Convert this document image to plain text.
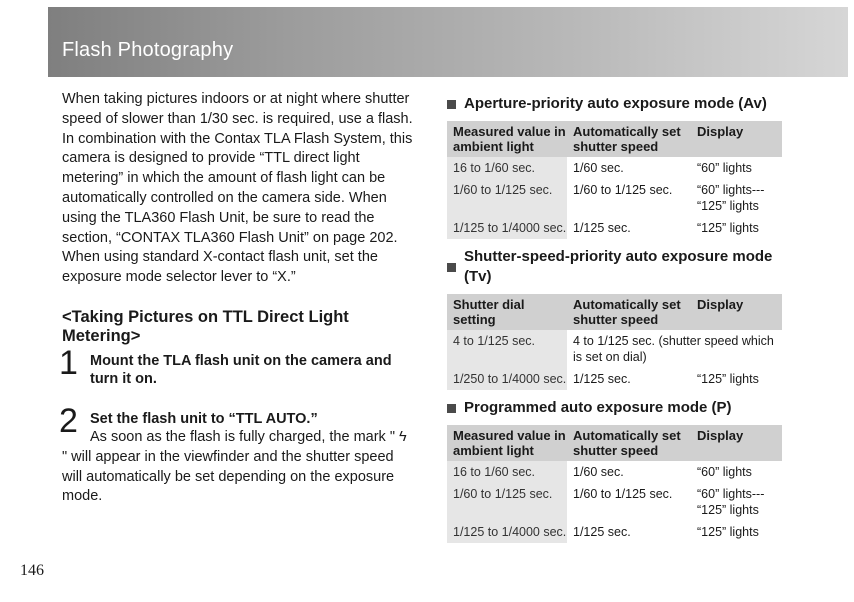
Flash Photography

When taking pictures indoors or at night where shutter speed of slower than 1/30 sec. is required, use a flash. In combination with the Contax TLA Flash System, this camera is designed to provide “TTL direct light metering” in which the amount of flash light can be automatically controlled on the camera side. When using the TLA360 Flash Unit, be sure to read the section, “CONTAX TLA360 Flash Unit” on page 202.

When using standard X-contact flash unit, set the exposure mode selector lever to “X.”

<Taking Pictures on TTL Direct Light Metering>
1 Mount the TLA flash unit on the camera and turn it on.
2 Set the flash unit to “TTL AUTO.”
As soon as the flash is fully charged, the mark " ϟ " will appear in the viewfinder and the shutter speed will automatically be set depending on the exposure mode.
Aperture-priority auto exposure mode (Av)
Measured value in ambient light	Automatically set shutter speed	Display
16 to 1/60 sec.	1/60 sec.	“60” lights
1/60 to 1/125 sec.	1/60 to 1/125 sec.	“60” lights---
“125” lights
1/125 to 1/4000 sec.	1/125 sec.	“125” lights
Shutter-speed-priority auto exposure mode (Tv)
Shutter dial setting	Automatically set shutter speed	Display
4 to 1/125 sec.	4 to 1/125 sec. (shutter speed which is set on dial)	
1/250 to 1/4000 sec.	1/125 sec.	“125” lights
Programmed auto exposure mode (P)
Measured value in ambient light	Automatically set shutter speed	Display
16 to 1/60 sec.	1/60 sec.	“60” lights
1/60 to 1/125 sec.	1/60 to 1/125 sec.	“60” lights---
“125” lights
1/125 to 1/4000 sec.	1/125 sec.	“125” lights
146
